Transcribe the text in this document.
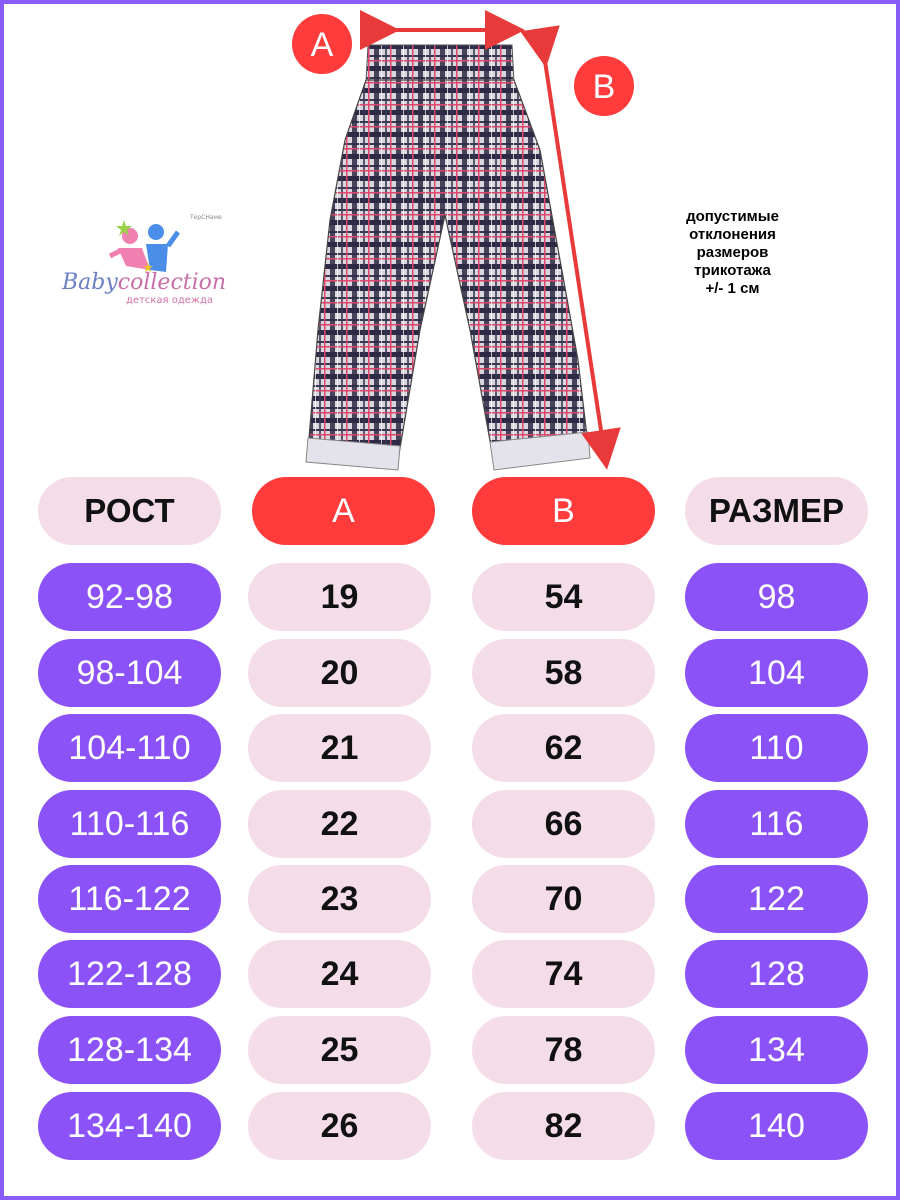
A
B
ТерСНаме
Babycollection
детская одежда
допустимые
отклонения
размеров
трикотажа
+/- 1 см
РОСТ	A	B	РАЗМЕР
92-98	19	54	98
98-104	20	58	104
104-110	21	62	110
110-116	22	66	116
116-122	23	70	122
122-128	24	74	128
128-134	25	78	134
134-140	26	82	140
